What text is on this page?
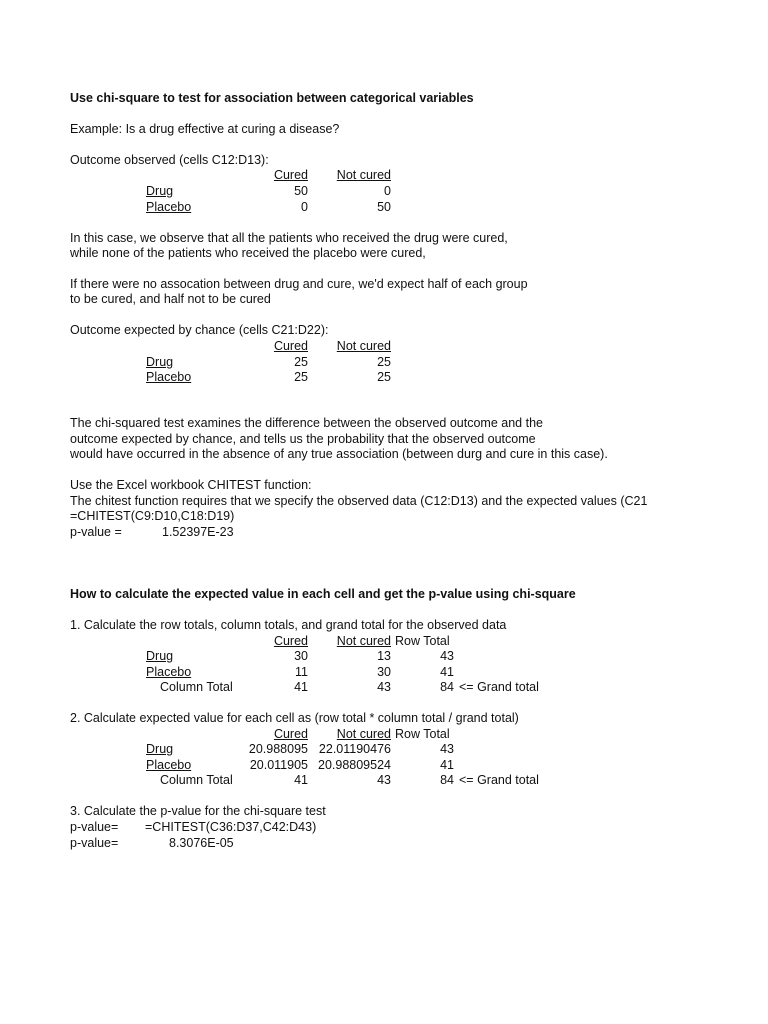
Use chi-square to test for association between categorical variables
Example: Is a drug effective at curing a disease?
Outcome observed (cells C12:D13):
Cured	Not cured
Drug	50	0
Placebo	0	50
In this case, we observe that all the patients who received the drug were cured,
while none of the patients who received the placebo were cured,
If there were no assocation between drug and cure, we'd expect half of each group
to be cured, and half not to be cured
Outcome expected by chance (cells C21:D22):
Cured	Not cured
Drug	25	25
Placebo	25	25
The chi-squared test examines the difference between the observed outcome and the
outcome expected by chance, and tells us the probability that the observed outcome
would have occurred in the absence of any true association (between durg and cure in this case).
Use the Excel workbook CHITEST function:
The chitest function requires that we specify the observed data (C12:D13) and the expected values (C21
=CHITEST(C9:D10,C18:D19)
p-value =	1.52397E-23
How to calculate the expected value in each cell and get the p-value using chi-square
1. Calculate the row totals, column totals, and grand total for the observed data
Cured	Not cured Row Total
Drug	30	13	43
Placebo	11	30	41
Column Total	41	43	84 <= Grand total
2. Calculate expected value for each cell as (row total * column total / grand total)
Cured	Not cured Row Total
Drug	20.988095 22.01190476	43
Placebo	20.011905 20.98809524	41
Column Total	41	43	84 <= Grand total
3. Calculate the p-value for the chi-square test
p-value= =CHITEST(C36:D37,C42:D43)
p-value=	8.3076E-05
